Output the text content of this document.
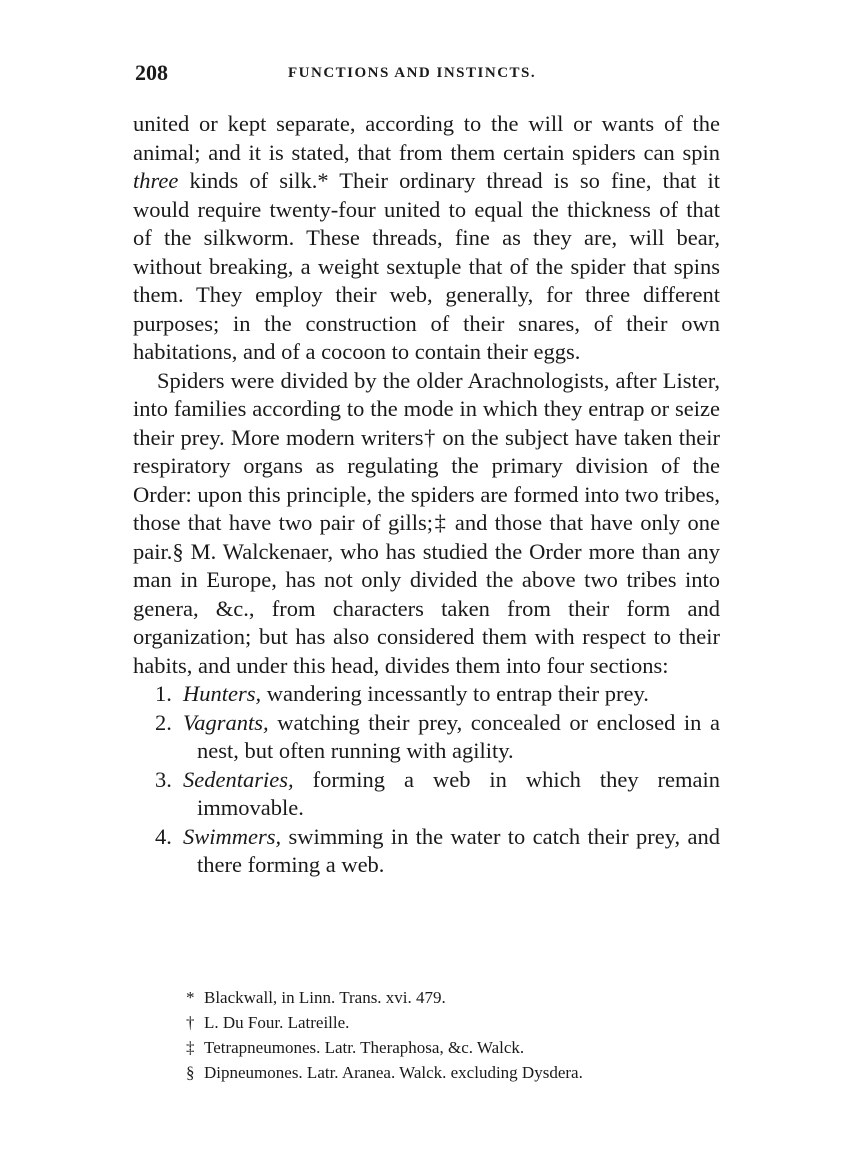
208	FUNCTIONS AND INSTINCTS.

united or kept separate, according to the will or wants of the animal; and it is stated, that from them certain spiders can spin three kinds of silk.* Their ordinary thread is so fine, that it would require twenty-four united to equal the thickness of that of the silkworm. These threads, fine as they are, will bear, without breaking, a weight sextuple that of the spider that spins them. They employ their web, generally, for three different purposes; in the construction of their snares, of their own habitations, and of a cocoon to contain their eggs.

Spiders were divided by the older Arachnologists, after Lister, into families according to the mode in which they entrap or seize their prey. More modern writers† on the subject have taken their respiratory organs as regulating the primary division of the Order: upon this principle, the spiders are formed into two tribes, those that have two pair of gills;‡ and those that have only one pair.§ M. Walckenaer, who has studied the Order more than any man in Europe, has not only divided the above two tribes into genera, &c., from characters taken from their form and organization; but has also considered them with respect to their habits, and under this head, divides them into four sections:

1. Hunters, wandering incessantly to entrap their prey.
2. Vagrants, watching their prey, concealed or enclosed in a nest, but often running with agility.
3. Sedentaries, forming a web in which they remain immovable.
4. Swimmers, swimming in the water to catch their prey, and there forming a web.

* Blackwall, in Linn. Trans. xvi. 479.

† L. Du Four. Latreille.

‡ Tetrapneumones. Latr. Theraphosa, &c. Walck.

§ Dipneumones. Latr. Aranea. Walck. excluding Dysdera.
